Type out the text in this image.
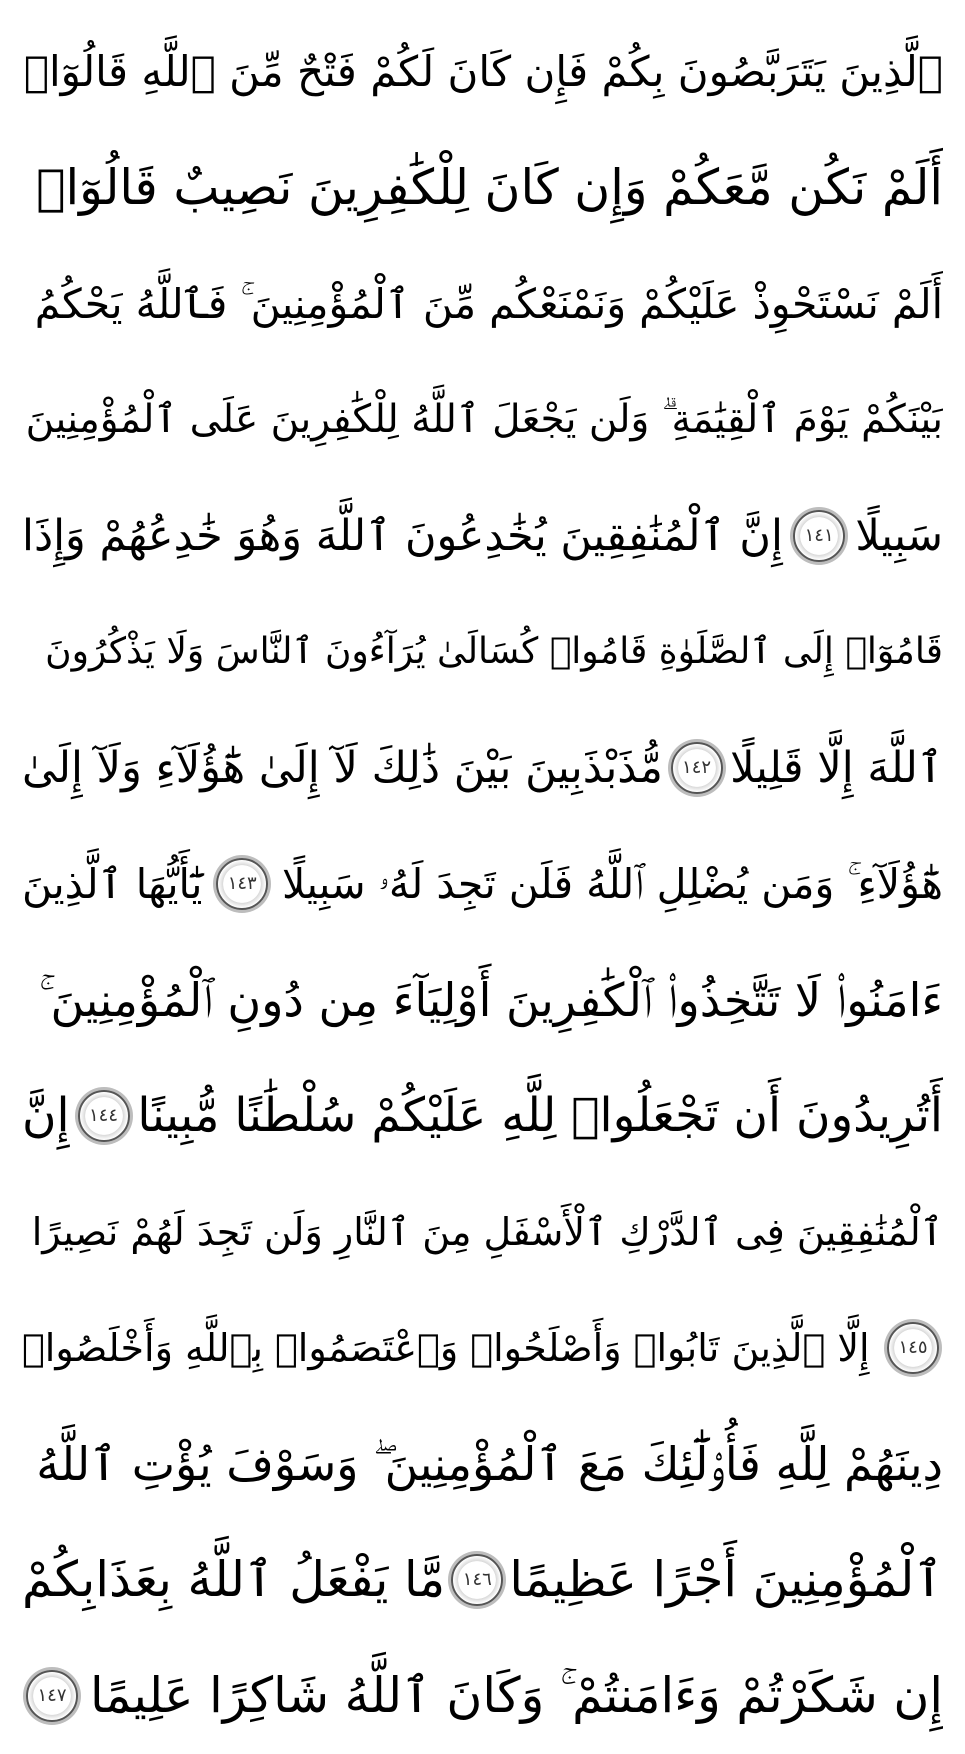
ٱلَّذِينَ يَتَرَبَّصُونَ بِكُمْ فَإِن كَانَ لَكُمْ فَتْحٌ مِّنَ ٱللَّهِ قَالُوٓا۟
أَلَمْ نَكُن مَّعَكُمْ وَإِن كَانَ لِلْكَٰفِرِينَ نَصِيبٌ قَالُوٓا۟
أَلَمْ نَسْتَحْوِذْ عَلَيْكُمْ وَنَمْنَعْكُم مِّنَ ٱلْمُؤْمِنِينَ ۚ فَٱللَّهُ يَحْكُمُ
بَيْنَكُمْ يَوْمَ ٱلْقِيَٰمَةِ ۗ وَلَن يَجْعَلَ ٱللَّهُ لِلْكَٰفِرِينَ عَلَى ٱلْمُؤْمِنِينَ
سَبِيلًا
١٤١
إِنَّ ٱلْمُنَٰفِقِينَ يُخَٰدِعُونَ ٱللَّهَ وَهُوَ خَٰدِعُهُمْ وَإِذَا
قَامُوٓا۟ إِلَى ٱلصَّلَوٰةِ قَامُوا۟ كُسَالَىٰ يُرَآءُونَ ٱلنَّاسَ وَلَا يَذْكُرُونَ
ٱللَّهَ إِلَّا قَلِيلًا
١٤٢
مُّذَبْذَبِينَ بَيْنَ ذَٰلِكَ لَآ إِلَىٰ هَٰٓؤُلَآءِ وَلَآ إِلَىٰ
هَٰٓؤُلَآءِ ۚ وَمَن يُضْلِلِ ٱللَّهُ فَلَن تَجِدَ لَهُۥ سَبِيلًا
١٤٣
يَٰٓأَيُّهَا ٱلَّذِينَ
ءَامَنُوا۟ لَا تَتَّخِذُوا۟ ٱلْكَٰفِرِينَ أَوْلِيَآءَ مِن دُونِ ٱلْمُؤْمِنِينَ ۚ
أَتُرِيدُونَ أَن تَجْعَلُوا۟ لِلَّهِ عَلَيْكُمْ سُلْطَٰنًا مُّبِينًا
١٤٤
إِنَّ
ٱلْمُنَٰفِقِينَ فِى ٱلدَّرْكِ ٱلْأَسْفَلِ مِنَ ٱلنَّارِ وَلَن تَجِدَ لَهُمْ نَصِيرًا
١٤٥
إِلَّا ٱلَّذِينَ تَابُوا۟ وَأَصْلَحُوا۟ وَٱعْتَصَمُوا۟ بِٱللَّهِ وَأَخْلَصُوا۟
دِينَهُمْ لِلَّهِ فَأُو۟لَٰٓئِكَ مَعَ ٱلْمُؤْمِنِينَ ۖ وَسَوْفَ يُؤْتِ ٱللَّهُ
ٱلْمُؤْمِنِينَ أَجْرًا عَظِيمًا
١٤٦
مَّا يَفْعَلُ ٱللَّهُ بِعَذَابِكُمْ
إِن شَكَرْتُمْ وَءَامَنتُمْ ۚ وَكَانَ ٱللَّهُ شَاكِرًا عَلِيمًا
١٤٧
